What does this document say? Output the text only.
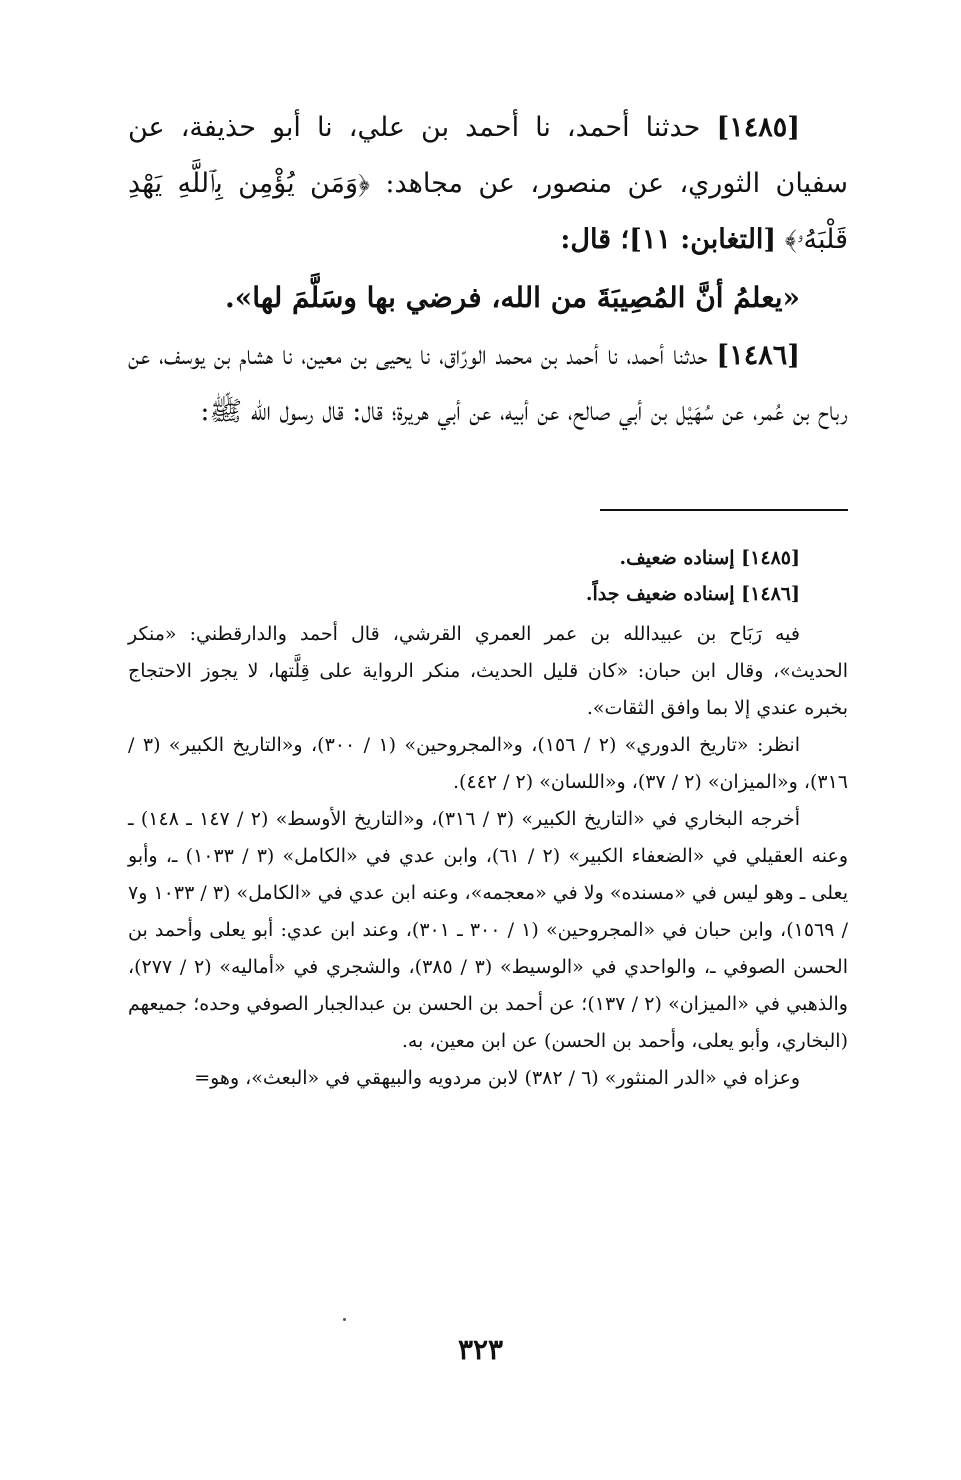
[١٤٨٥] حدثنا أحمد، نا أحمد بن علي، نا أبو حذيفة، عن سفيان الثوري، عن منصور، عن مجاهد: ﴿وَمَن يُؤْمِن بِٱللَّهِ يَهْدِ قَلْبَهُۥ﴾ [التغابن: ١١]؛ قال:

«يعلمُ أنَّ المُصِيبَةَ من الله، فرضي بها وسَلَّمَ لها».

[١٤٨٦] حدثنا أحمد، نا أحمد بن محمد الورّاق، نا يحيى بن معين، نا هشام بن يوسف، عن رباح بن عُمر، عن سُهَيْل بن أبي صالح، عن أبيه، عن أبي هريرة؛ قال: قال رسول الله ﷺ:

[١٤٨٥] إسناده ضعيف.

[١٤٨٦] إسناده ضعيف جداً.

فيه رَبَاح بن عبيدالله بن عمر العمري القرشي، قال أحمد والدارقطني: «منكر الحديث»، وقال ابن حبان: «كان قليل الحديث، منكر الرواية على قِلَّتها، لا يجوز الاحتجاج بخبره عندي إلا بما وافق الثقات».

انظر: «تاريخ الدوري» (٢ / ١٥٦)، و«المجروحين» (١ / ٣٠٠)، و«التاريخ الكبير» (٣ / ٣١٦)، و«الميزان» (٢ / ٣٧)، و«اللسان» (٢ / ٤٤٢).

أخرجه البخاري في «التاريخ الكبير» (٣ / ٣١٦)، و«التاريخ الأوسط» (٢ / ١٤٧ ـ ١٤٨) ـ وعنه العقيلي في «الضعفاء الكبير» (٢ / ٦١)، وابن عدي في «الكامل» (٣ / ١٠٣٣) ـ، وأبو يعلى ـ وهو ليس في «مسنده» ولا في «معجمه»، وعنه ابن عدي في «الكامل» (٣ / ١٠٣٣ و٧ / ١٥٦٩)، وابن حبان في «المجروحين» (١ / ٣٠٠ ـ ٣٠١)، وعند ابن عدي: أبو يعلى وأحمد بن الحسن الصوفي ـ، والواحدي في «الوسيط» (٣ / ٣٨٥)، والشجري في «أماليه» (٢ / ٢٧٧)، والذهبي في «الميزان» (٢ / ١٣٧)؛ عن أحمد بن الحسن بن عبدالجبار الصوفي وحده؛ جميعهم (البخاري، وأبو يعلى، وأحمد بن الحسن) عن ابن معين، به.

وعزاه في «الدر المنثور» (٦ / ٣٨٢) لابن مردويه والبيهقي في «البعث»، وهو=

٣٢٣
